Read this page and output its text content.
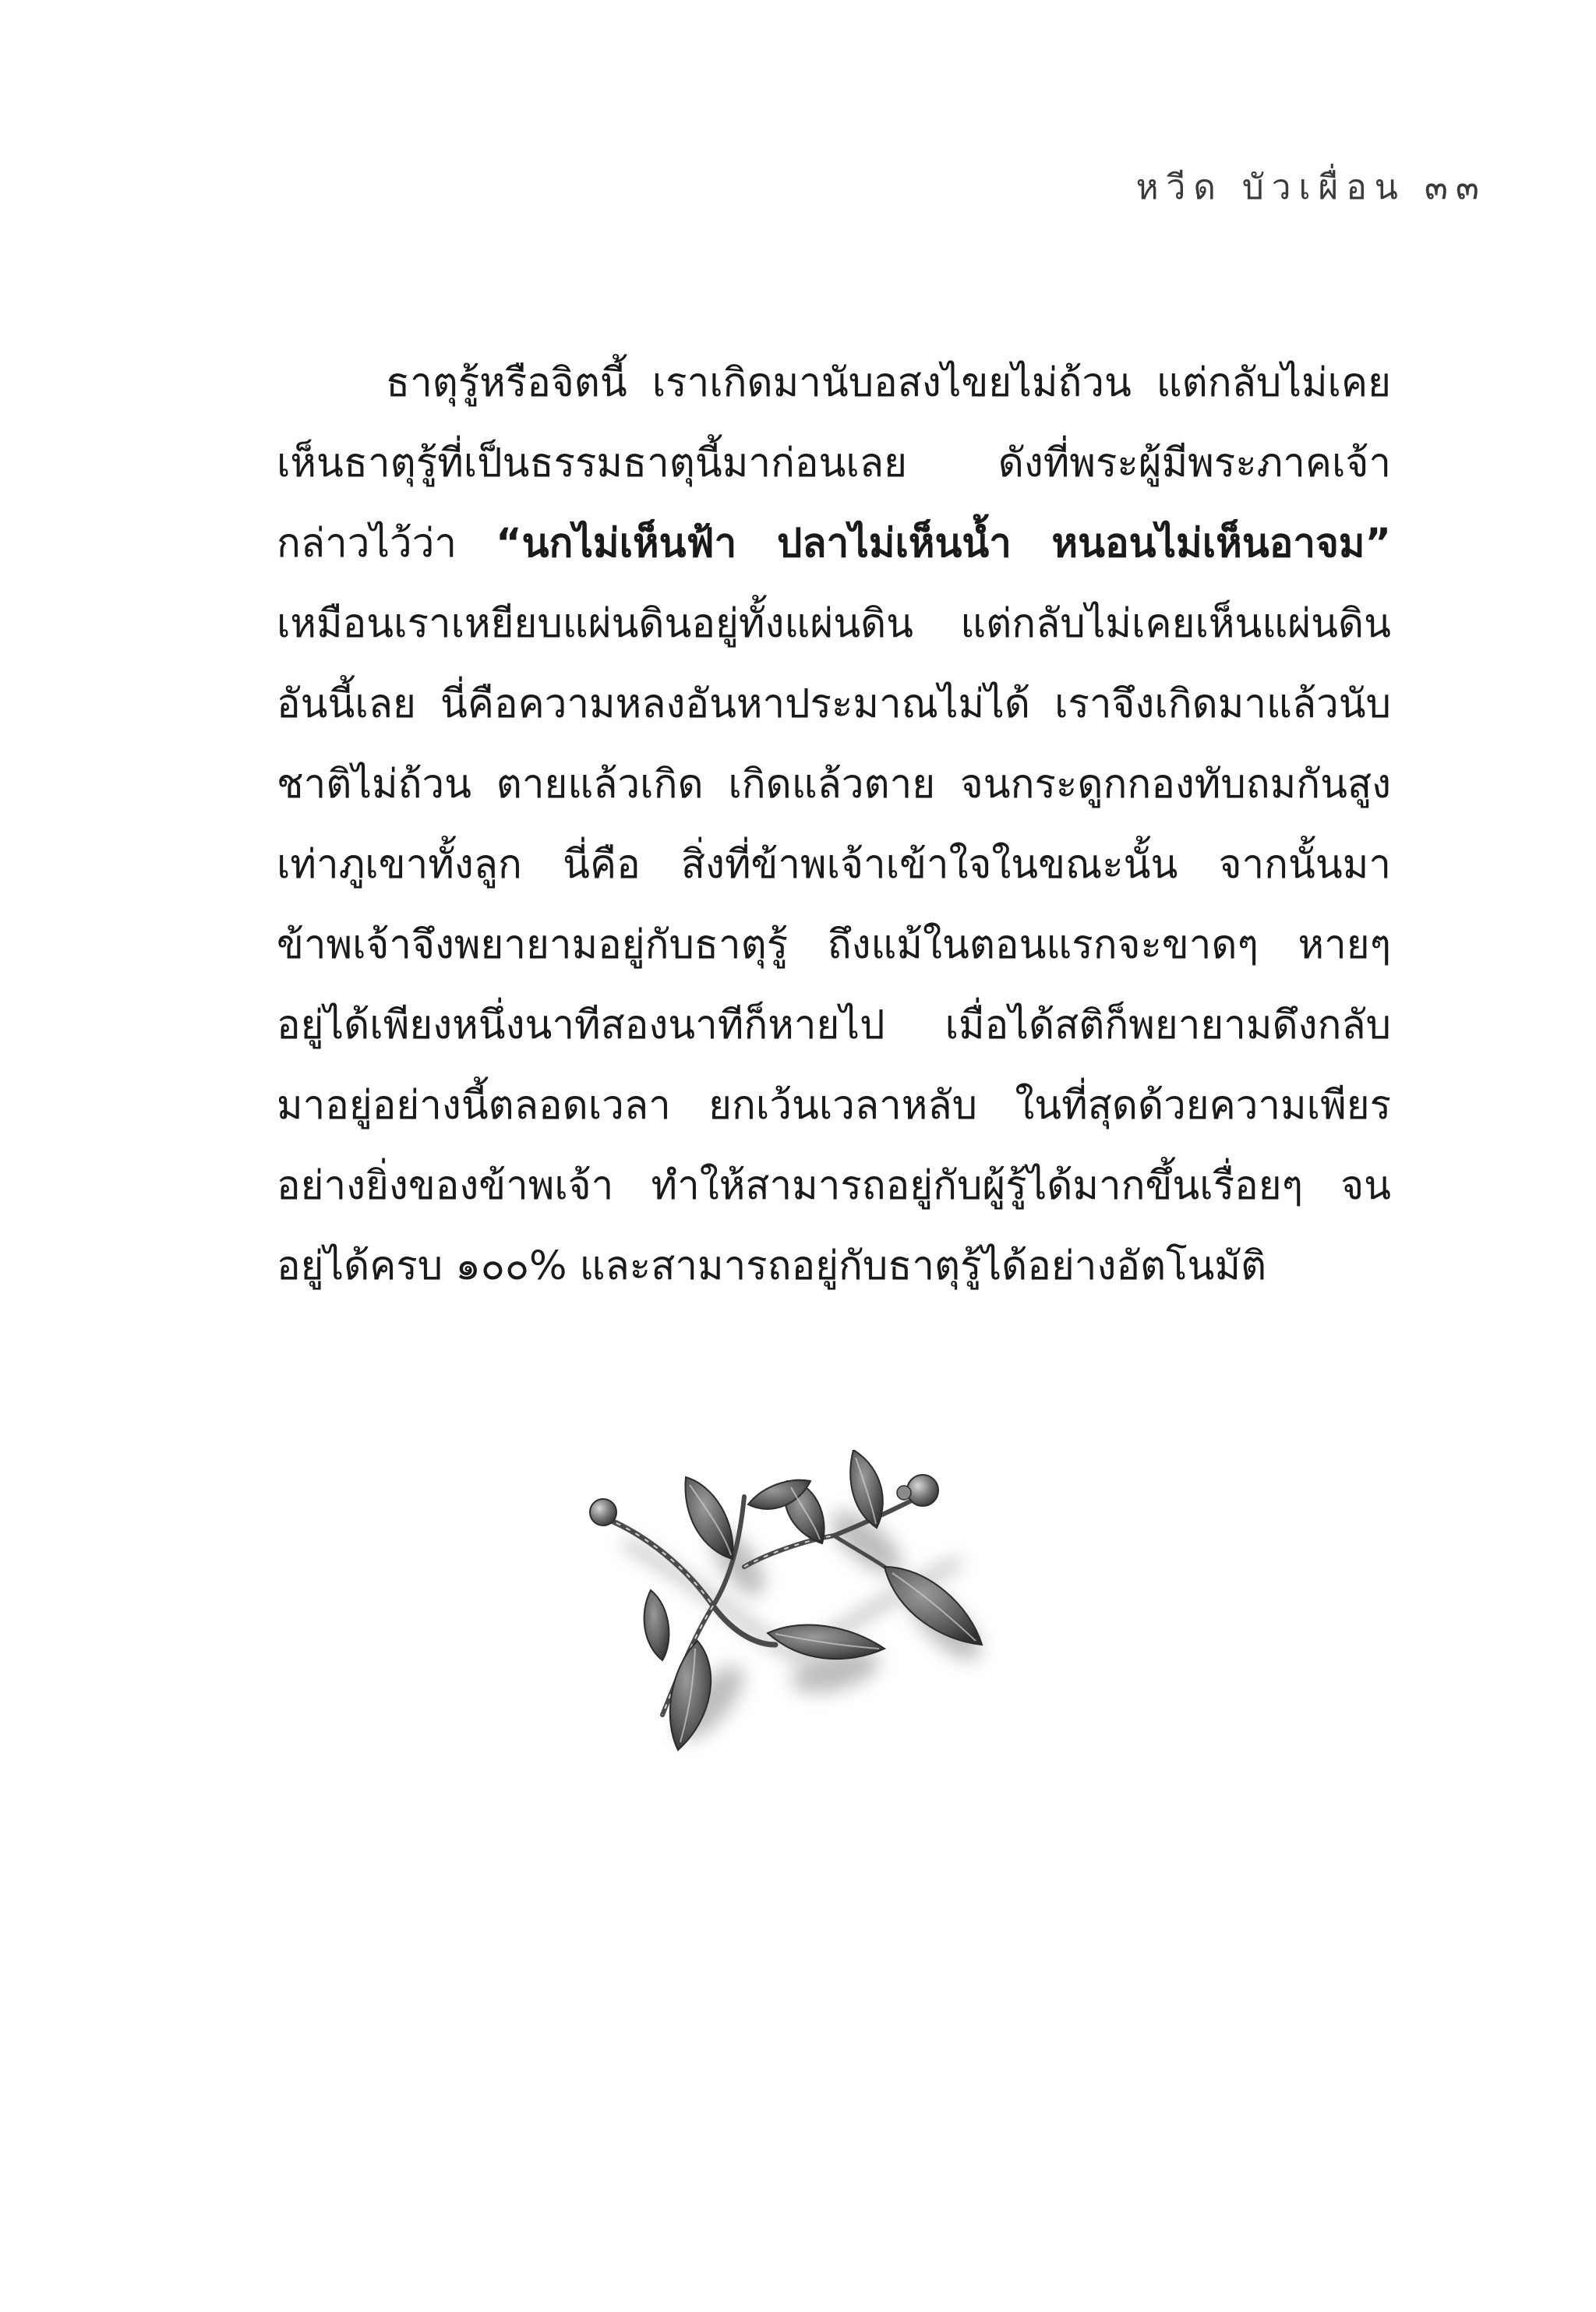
หวีด บัวเผื่อน ๓๓
ธาตุรู้หรือจิตนี้ เราเกิดมานับอสงไขยไม่ถ้วน แต่กลับไม่เคย
เห็นธาตุรู้ที่เป็นธรรมธาตุนี้มาก่อนเลย ดังที่พระผู้มีพระภาคเจ้า
กล่าวไว้ว่า “นกไม่เห็นฟ้า ปลาไม่เห็นน้ำ หนอนไม่เห็นอาจม”
เหมือนเราเหยียบแผ่นดินอยู่ทั้งแผ่นดิน แต่กลับไม่เคยเห็นแผ่นดิน
อันนี้เลย นี่คือความหลงอันหาประมาณไม่ได้ เราจึงเกิดมาแล้วนับ
ชาติไม่ถ้วน ตายแล้วเกิด เกิดแล้วตาย จนกระดูกกองทับถมกันสูง
เท่าภูเขาทั้งลูก นี่คือ สิ่งที่ข้าพเจ้าเข้าใจในขณะนั้น จากนั้นมา
ข้าพเจ้าจึงพยายามอยู่กับธาตุรู้ ถึงแม้ในตอนแรกจะขาดๆ หายๆ
อยู่ได้เพียงหนึ่งนาทีสองนาทีก็หายไป เมื่อได้สติก็พยายามดึงกลับ
มาอยู่อย่างนี้ตลอดเวลา ยกเว้นเวลาหลับ ในที่สุดด้วยความเพียร
อย่างยิ่งของข้าพเจ้า ทำให้สามารถอยู่กับผู้รู้ได้มากขึ้นเรื่อยๆ จน
อยู่ได้ครบ ๑๐๐% และสามารถอยู่กับธาตุรู้ได้อย่างอัตโนมัติ
